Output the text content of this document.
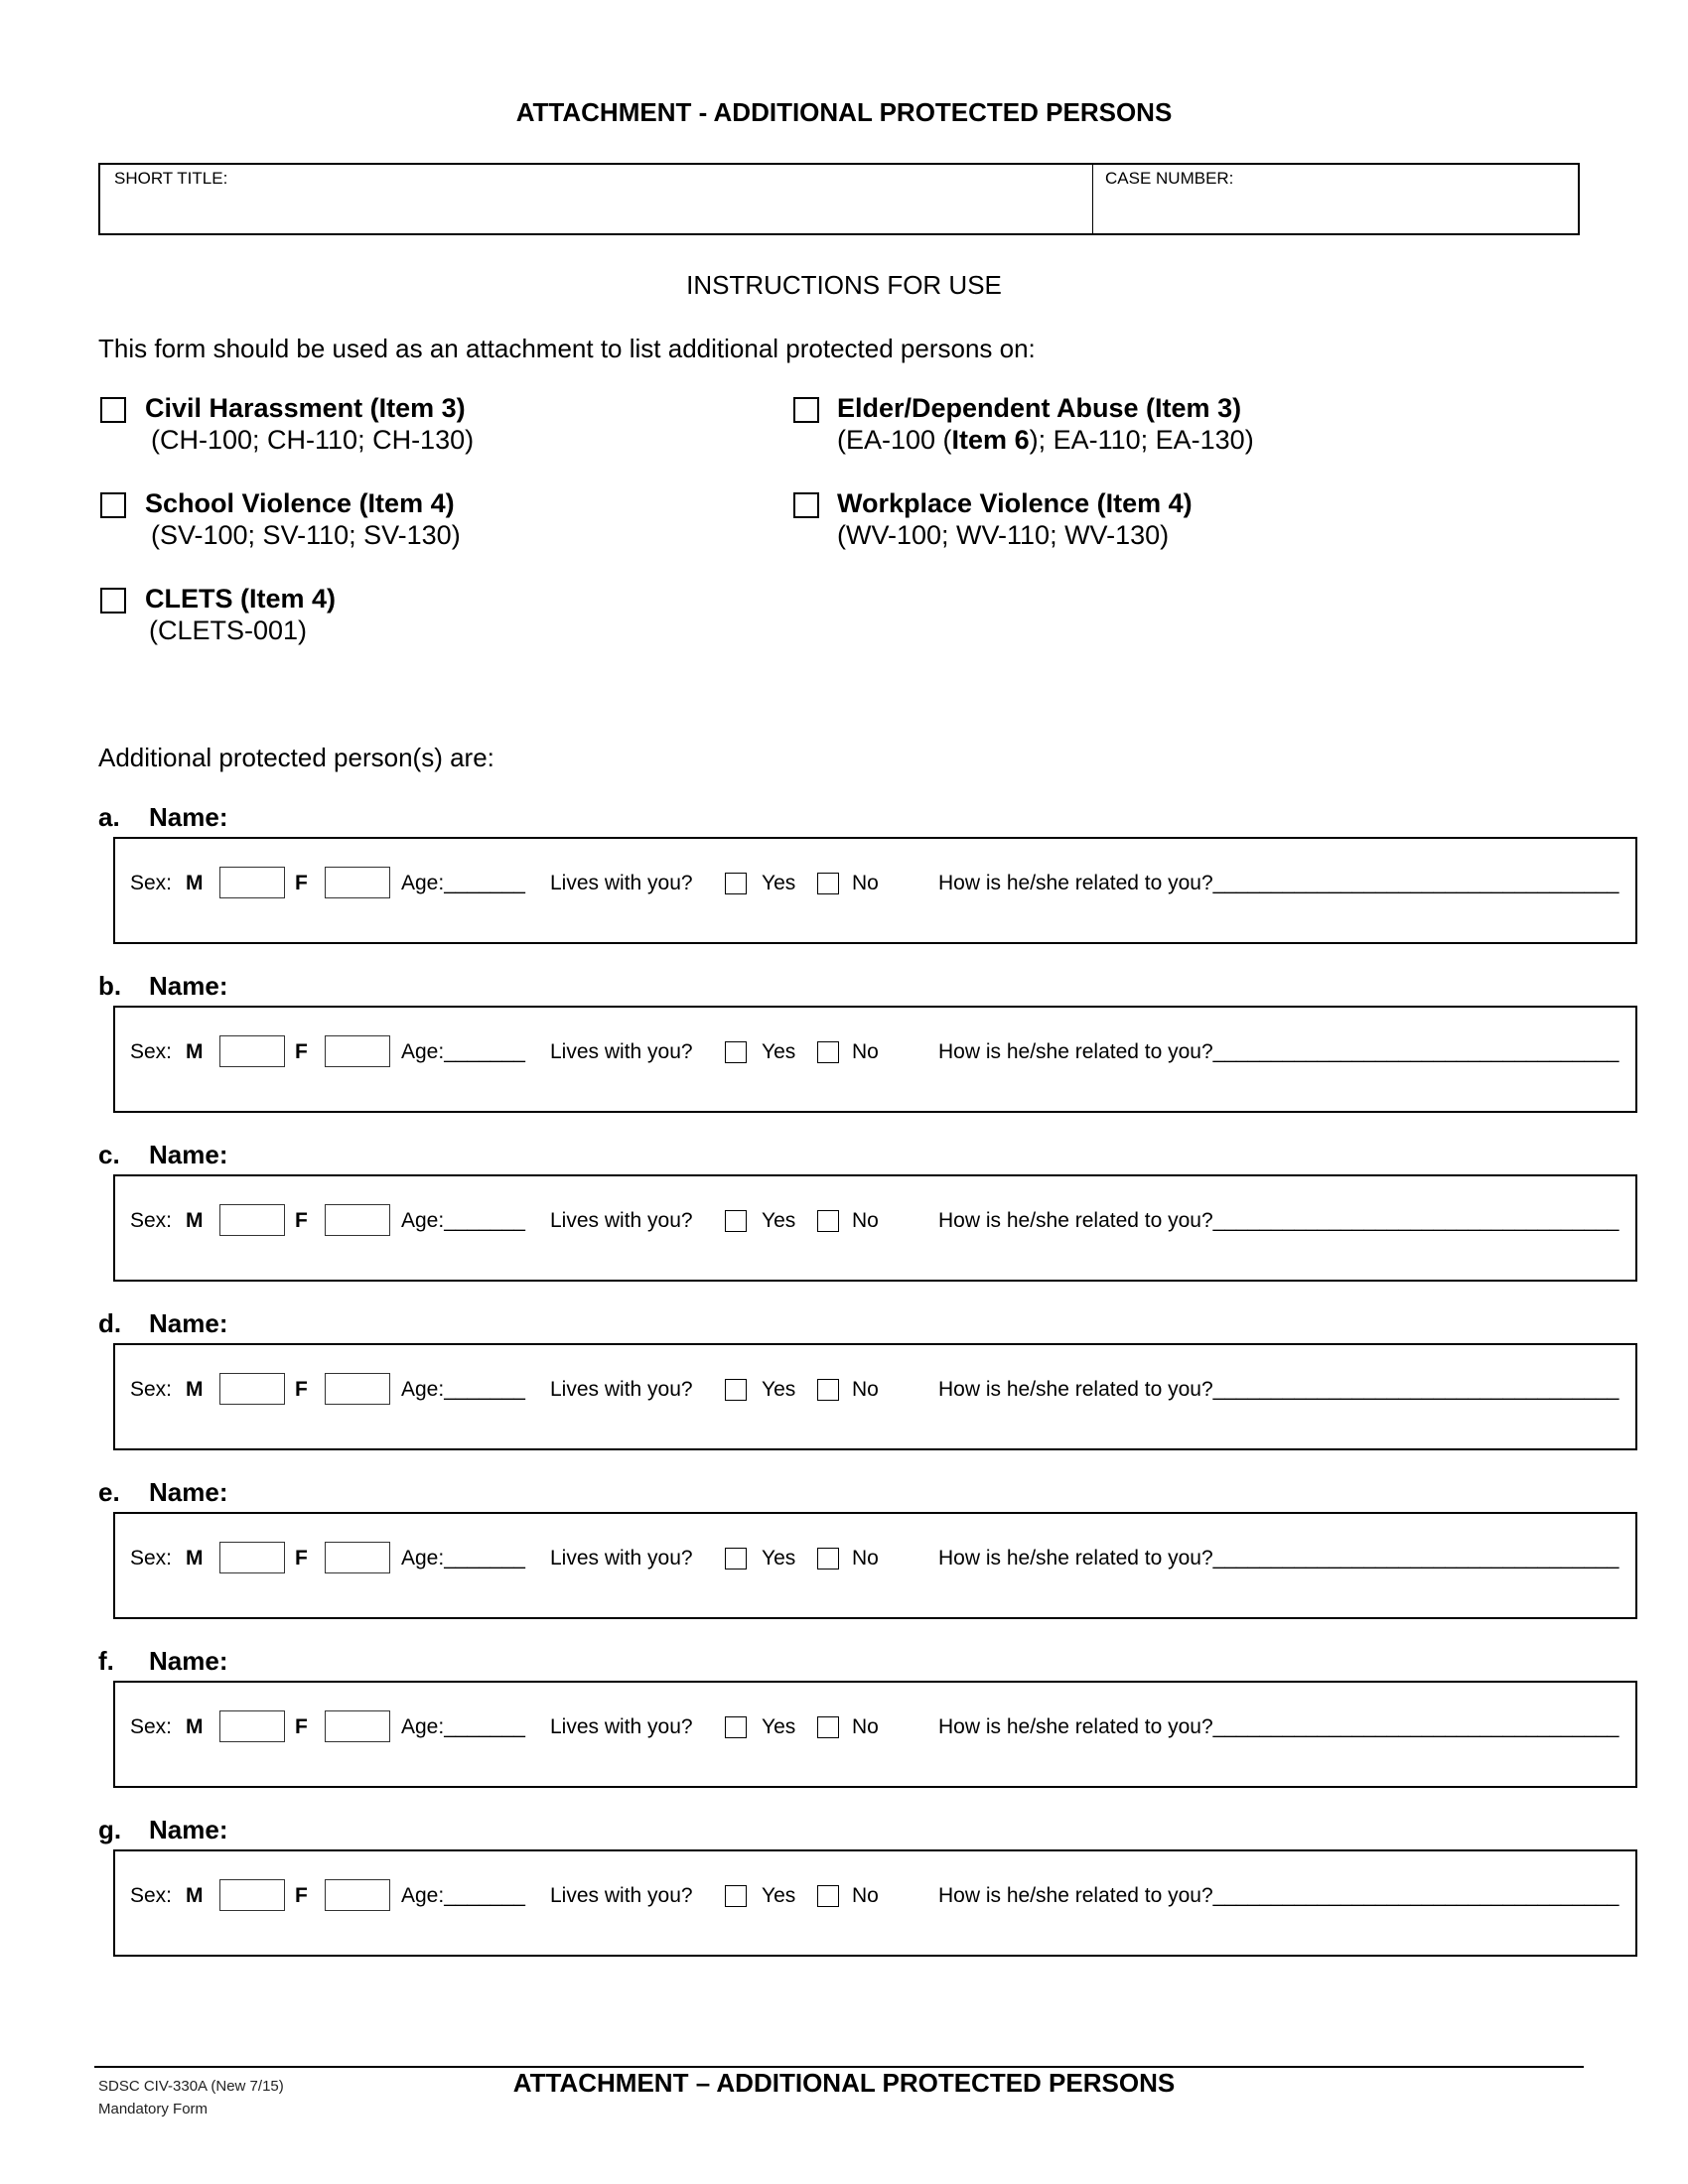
ATTACHMENT - ADDITIONAL PROTECTED PERSONS
SHORT TITLE:	CASE NUMBER:
INSTRUCTIONS FOR USE
This form should be used as an attachment to list additional protected persons on:
Civil Harassment (Item 3)
(CH-100; CH-110; CH-130)
Elder/Dependent Abuse (Item 3)
(EA-100 (Item 6); EA-110; EA-130)
School Violence (Item 4)
(SV-100; SV-110; SV-130)
Workplace Violence (Item 4)
(WV-100; WV-110; WV-130)
CLETS (Item 4)
(CLETS-001)
Additional protected person(s) are:
a. Name:
Sex: M	F	Age:_______ Lives with you?	Yes	No	How is he/she related to you?___________________________________
b. Name:
Sex: M	F	Age:_______ Lives with you?	Yes	No	How is he/she related to you?___________________________________
c. Name:
Sex: M	F	Age:_______ Lives with you?	Yes	No	How is he/she related to you?___________________________________
d. Name:
Sex: M	F	Age:_______ Lives with you?	Yes	No	How is he/she related to you?___________________________________
e. Name:
Sex: M	F	Age:_______ Lives with you?	Yes	No	How is he/she related to you?___________________________________
f. Name:
Sex: M	F	Age:_______ Lives with you?	Yes	No	How is he/she related to you?___________________________________
g. Name:
Sex: M	F	Age:_______ Lives with you?	Yes	No	How is he/she related to you?___________________________________
ATTACHMENT – ADDITIONAL PROTECTED PERSONS
SDSC CIV-330A (New 7/15)
Mandatory Form
